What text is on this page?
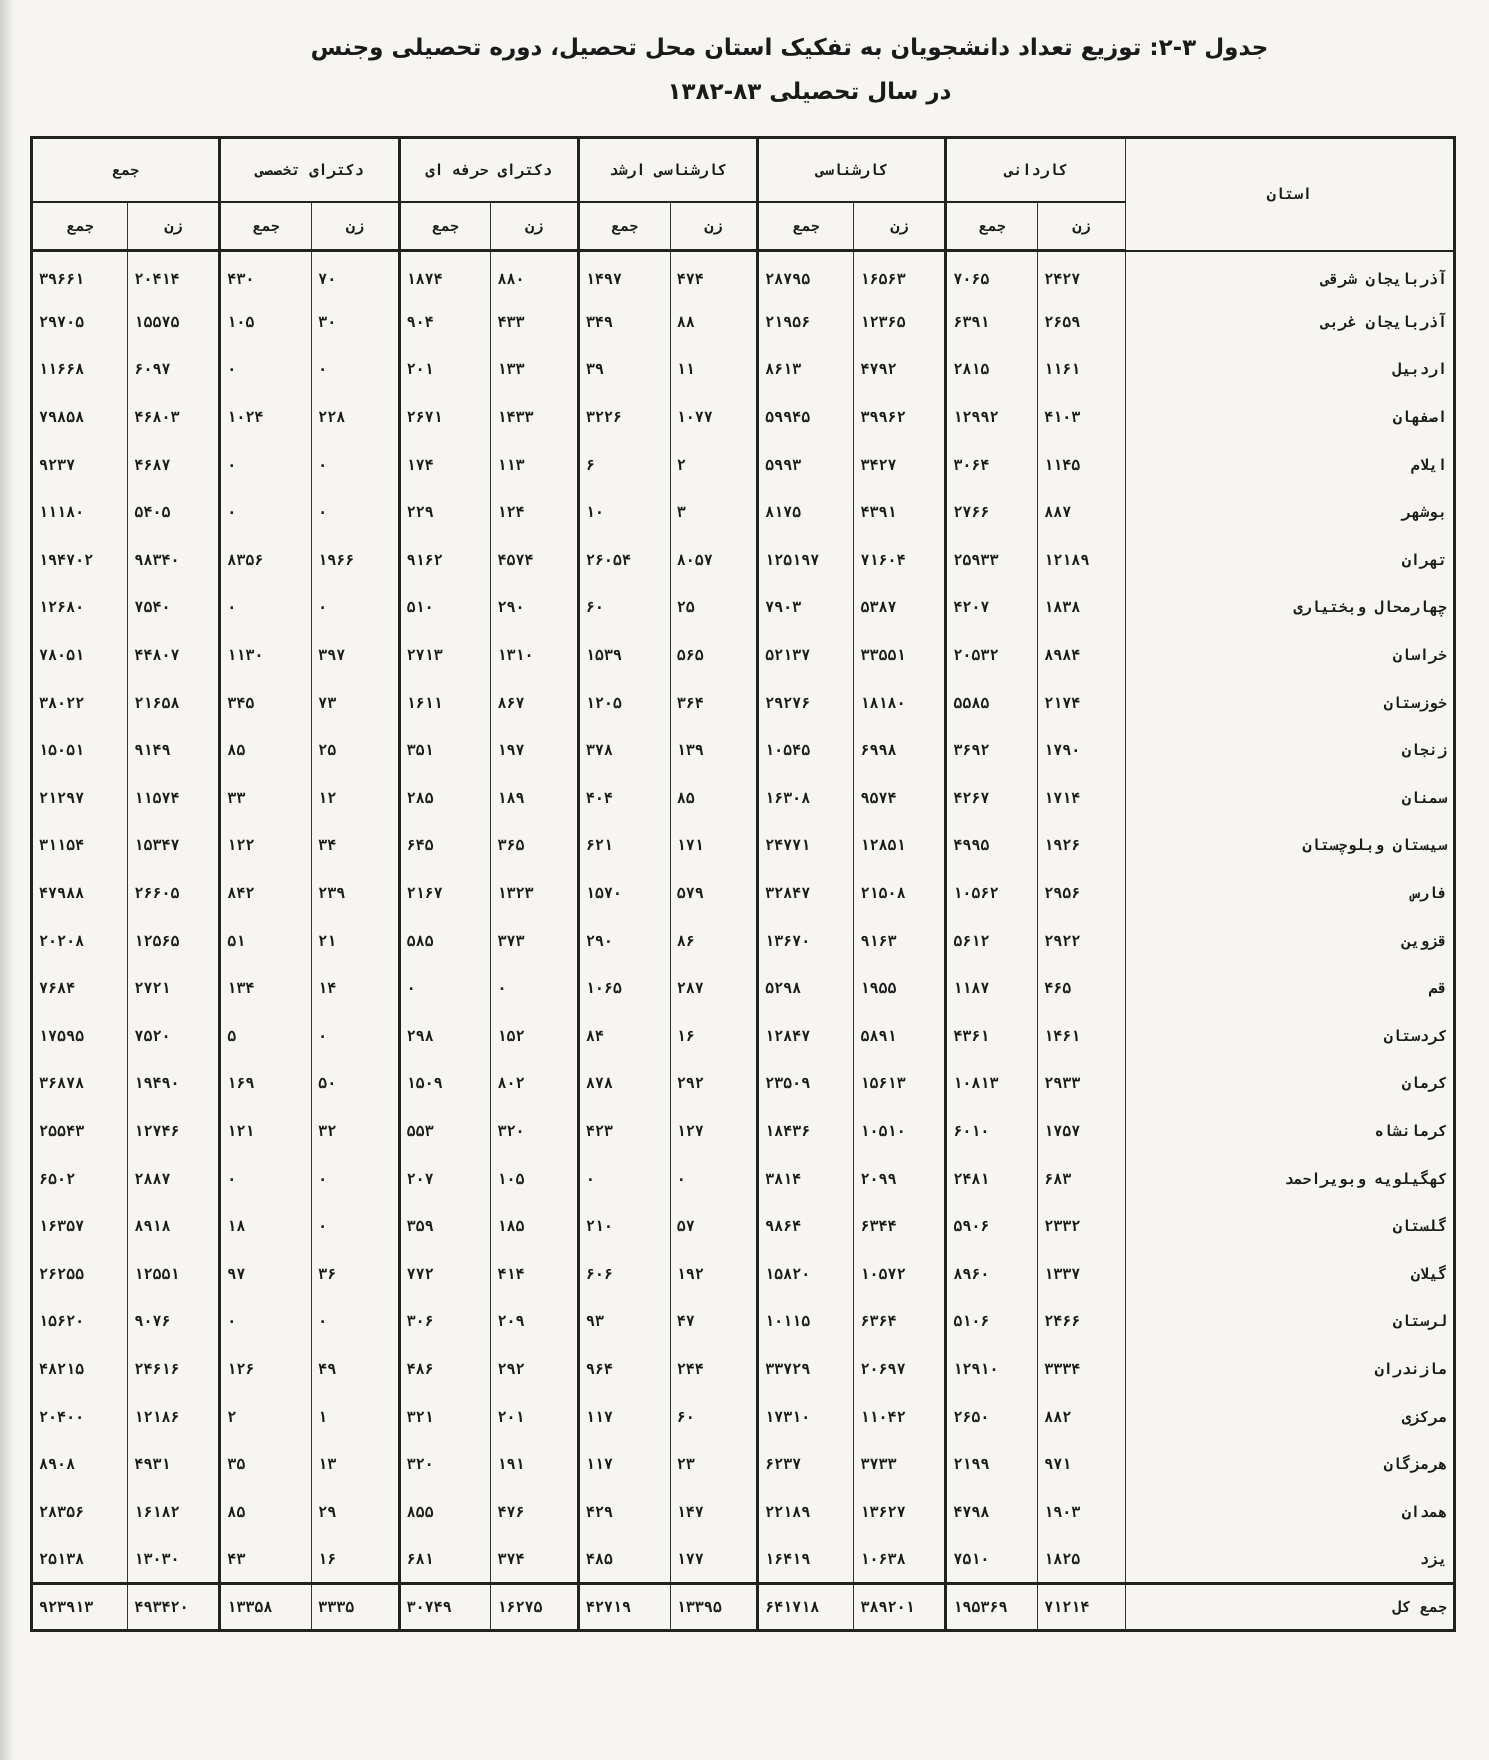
جدول ۳-۲: توزیع تعداد دانشجویان به تفکیک استان محل تحصیل، دوره تحصیلی وجنس
در سال تحصیلی ۸۳-۱۳۸۲
استان	کاردانی		کارشناسی		کارشناسی ارشد		دکترای حرفه ای		دکترای تخصصی		جمع	
	زن	جمع	زن	جمع	زن	جمع	زن	جمع	زن	جمع	زن	جمع
آذربایجان شرقی	۲۴۲۷	۷۰۶۵	۱۶۵۶۳	۲۸۷۹۵	۴۷۴	۱۴۹۷	۸۸۰	۱۸۷۴	۷۰	۴۳۰	۲۰۴۱۴	۳۹۶۶۱
آذربایجان غربی	۲۶۵۹	۶۳۹۱	۱۲۳۶۵	۲۱۹۵۶	۸۸	۳۴۹	۴۳۳	۹۰۴	۳۰	۱۰۵	۱۵۵۷۵	۲۹۷۰۵
اردبیل	۱۱۶۱	۲۸۱۵	۴۷۹۲	۸۶۱۳	۱۱	۳۹	۱۳۳	۲۰۱	۰	۰	۶۰۹۷	۱۱۶۶۸
اصفهان	۴۱۰۳	۱۲۹۹۲	۳۹۹۶۲	۵۹۹۴۵	۱۰۷۷	۳۲۲۶	۱۴۳۳	۲۶۷۱	۲۲۸	۱۰۲۴	۴۶۸۰۳	۷۹۸۵۸
ایلام	۱۱۴۵	۳۰۶۴	۳۴۲۷	۵۹۹۳	۲	۶	۱۱۳	۱۷۴	۰	۰	۴۶۸۷	۹۲۳۷
بوشهر	۸۸۷	۲۷۶۶	۴۳۹۱	۸۱۷۵	۳	۱۰	۱۲۴	۲۲۹	۰	۰	۵۴۰۵	۱۱۱۸۰
تهران	۱۲۱۸۹	۲۵۹۳۳	۷۱۶۰۴	۱۲۵۱۹۷	۸۰۵۷	۲۶۰۵۴	۴۵۷۴	۹۱۶۲	۱۹۶۶	۸۳۵۶	۹۸۳۴۰	۱۹۴۷۰۲
چهارمحال وبختیاری	۱۸۳۸	۴۲۰۷	۵۳۸۷	۷۹۰۳	۲۵	۶۰	۲۹۰	۵۱۰	۰	۰	۷۵۴۰	۱۲۶۸۰
خراسان	۸۹۸۴	۲۰۵۳۲	۳۳۵۵۱	۵۲۱۳۷	۵۶۵	۱۵۳۹	۱۳۱۰	۲۷۱۳	۳۹۷	۱۱۳۰	۴۴۸۰۷	۷۸۰۵۱
خوزستان	۲۱۷۴	۵۵۸۵	۱۸۱۸۰	۲۹۲۷۶	۳۶۴	۱۲۰۵	۸۶۷	۱۶۱۱	۷۳	۳۴۵	۲۱۶۵۸	۳۸۰۲۲
زنجان	۱۷۹۰	۳۶۹۲	۶۹۹۸	۱۰۵۴۵	۱۳۹	۳۷۸	۱۹۷	۳۵۱	۲۵	۸۵	۹۱۴۹	۱۵۰۵۱
سمنان	۱۷۱۴	۴۲۶۷	۹۵۷۴	۱۶۳۰۸	۸۵	۴۰۴	۱۸۹	۲۸۵	۱۲	۳۳	۱۱۵۷۴	۲۱۲۹۷
سیستان وبلوچستان	۱۹۲۶	۴۹۹۵	۱۲۸۵۱	۲۴۷۷۱	۱۷۱	۶۲۱	۳۶۵	۶۴۵	۳۴	۱۲۲	۱۵۳۴۷	۳۱۱۵۴
فارس	۲۹۵۶	۱۰۵۶۲	۲۱۵۰۸	۳۲۸۴۷	۵۷۹	۱۵۷۰	۱۳۲۳	۲۱۶۷	۲۳۹	۸۴۲	۲۶۶۰۵	۴۷۹۸۸
قزوین	۲۹۲۲	۵۶۱۲	۹۱۶۳	۱۳۶۷۰	۸۶	۲۹۰	۳۷۳	۵۸۵	۲۱	۵۱	۱۲۵۶۵	۲۰۲۰۸
قم	۴۶۵	۱۱۸۷	۱۹۵۵	۵۲۹۸	۲۸۷	۱۰۶۵	۰	۰	۱۴	۱۳۴	۲۷۲۱	۷۶۸۴
کردستان	۱۴۶۱	۴۳۶۱	۵۸۹۱	۱۲۸۴۷	۱۶	۸۴	۱۵۲	۲۹۸	۰	۵	۷۵۲۰	۱۷۵۹۵
کرمان	۲۹۳۳	۱۰۸۱۳	۱۵۶۱۳	۲۳۵۰۹	۲۹۲	۸۷۸	۸۰۲	۱۵۰۹	۵۰	۱۶۹	۱۹۴۹۰	۳۶۸۷۸
کرمانشاه	۱۷۵۷	۶۰۱۰	۱۰۵۱۰	۱۸۴۳۶	۱۲۷	۴۲۳	۳۲۰	۵۵۳	۳۲	۱۲۱	۱۲۷۴۶	۲۵۵۴۳
کهگیلویه وبویراحمد	۶۸۳	۲۴۸۱	۲۰۹۹	۳۸۱۴	۰	۰	۱۰۵	۲۰۷	۰	۰	۲۸۸۷	۶۵۰۲
گلستان	۲۳۳۲	۵۹۰۶	۶۳۴۴	۹۸۶۴	۵۷	۲۱۰	۱۸۵	۳۵۹	۰	۱۸	۸۹۱۸	۱۶۳۵۷
گیلان	۱۳۳۷	۸۹۶۰	۱۰۵۷۲	۱۵۸۲۰	۱۹۲	۶۰۶	۴۱۴	۷۷۲	۳۶	۹۷	۱۲۵۵۱	۲۶۲۵۵
لرستان	۲۴۶۶	۵۱۰۶	۶۳۶۴	۱۰۱۱۵	۴۷	۹۳	۲۰۹	۳۰۶	۰	۰	۹۰۷۶	۱۵۶۲۰
مازندران	۳۳۳۴	۱۲۹۱۰	۲۰۶۹۷	۳۳۷۲۹	۲۴۴	۹۶۴	۲۹۲	۴۸۶	۴۹	۱۲۶	۲۴۶۱۶	۴۸۲۱۵
مرکزی	۸۸۲	۲۶۵۰	۱۱۰۴۲	۱۷۳۱۰	۶۰	۱۱۷	۲۰۱	۳۲۱	۱	۲	۱۲۱۸۶	۲۰۴۰۰
هرمزگان	۹۷۱	۲۱۹۹	۳۷۳۳	۶۲۳۷	۲۳	۱۱۷	۱۹۱	۳۲۰	۱۳	۳۵	۴۹۳۱	۸۹۰۸
همدان	۱۹۰۳	۴۷۹۸	۱۳۶۲۷	۲۲۱۸۹	۱۴۷	۴۲۹	۴۷۶	۸۵۵	۲۹	۸۵	۱۶۱۸۲	۲۸۳۵۶
یزد	۱۸۲۵	۷۵۱۰	۱۰۶۳۸	۱۶۴۱۹	۱۷۷	۴۸۵	۳۷۴	۶۸۱	۱۶	۴۳	۱۳۰۳۰	۲۵۱۳۸
جمع کل	۷۱۲۱۴	۱۹۵۳۶۹	۳۸۹۲۰۱	۶۴۱۷۱۸	۱۳۳۹۵	۴۲۷۱۹	۱۶۲۷۵	۳۰۷۴۹	۳۳۳۵	۱۳۳۵۸	۴۹۳۴۲۰	۹۲۳۹۱۳
